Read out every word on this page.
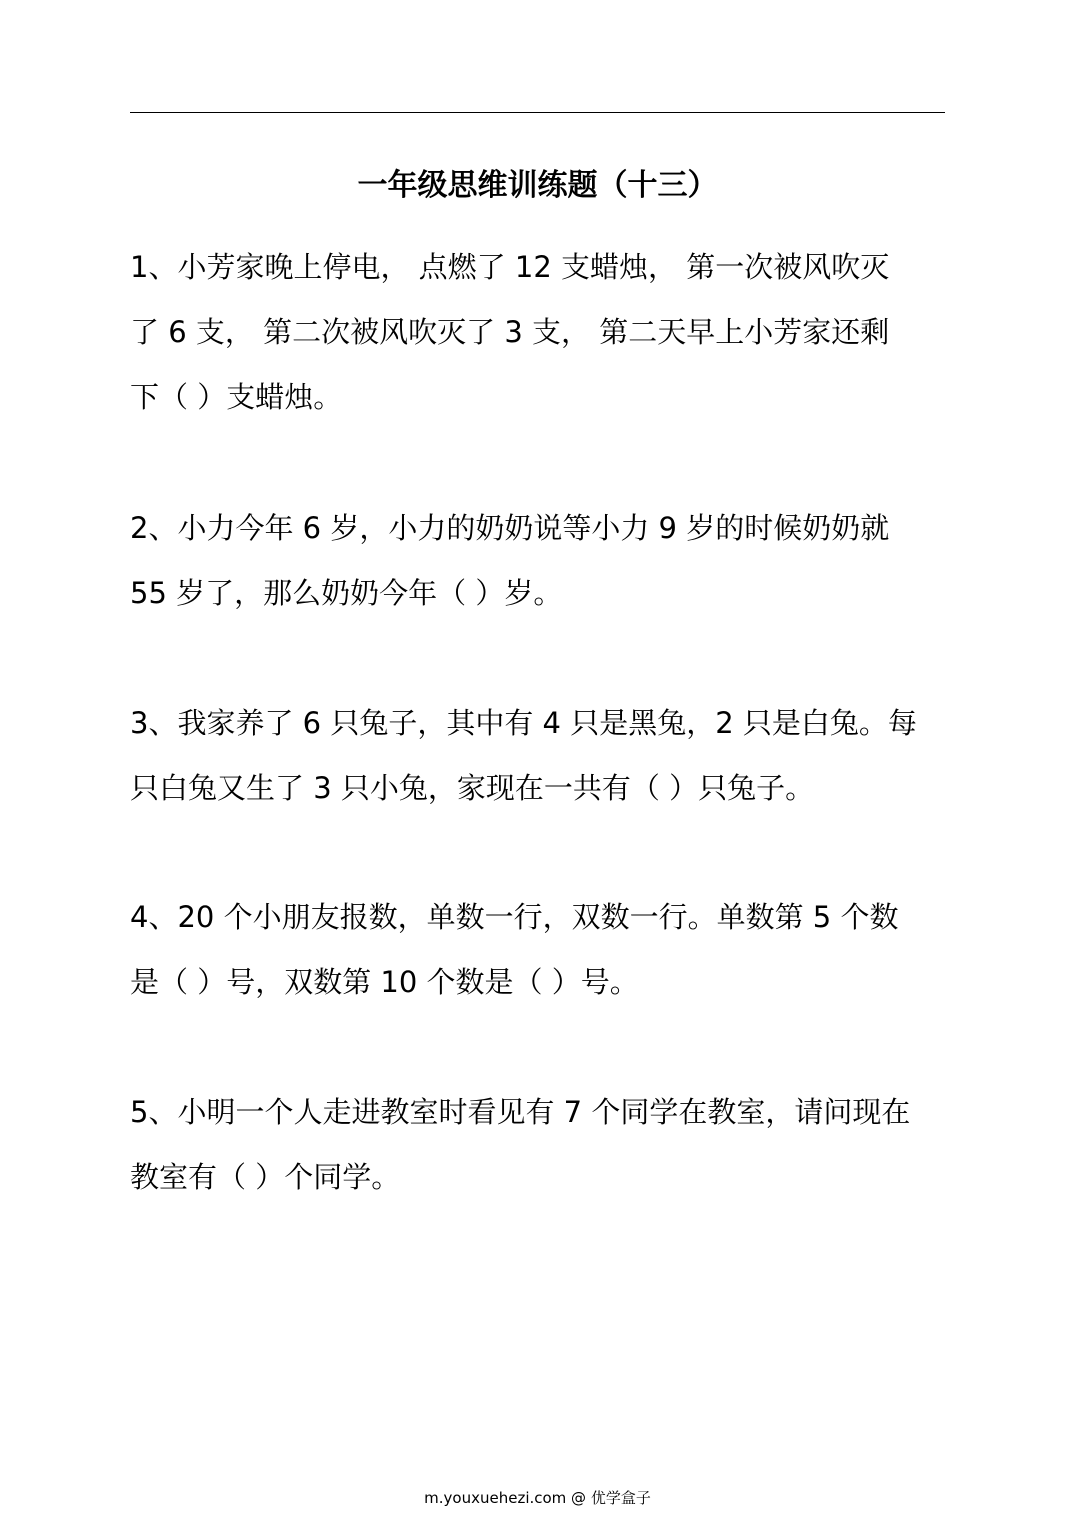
一年级思维训练题（十三）
1、小芳家晚上停电， 点燃了 12 支蜡烛， 第一次被风吹灭
了 6 支， 第二次被风吹灭了 3 支， 第二天早上小芳家还剩
下（ ）支蜡烛。
2、小力今年 6 岁，小力的奶奶说等小力 9 岁的时候奶奶就
55 岁了，那么奶奶今年（ ）岁。
3、我家养了 6 只兔子，其中有 4 只是黑兔，2 只是白兔。每
只白兔又生了 3 只小兔，家现在一共有（ ）只兔子。
4、20 个小朋友报数，单数一行，双数一行。单数第 5 个数
是（ ）号，双数第 10 个数是（ ）号。
5、小明一个人走进教室时看见有 7 个同学在教室，请问现在
教室有（ ）个同学。
m.youxuehezi.com @ 优学盒子
